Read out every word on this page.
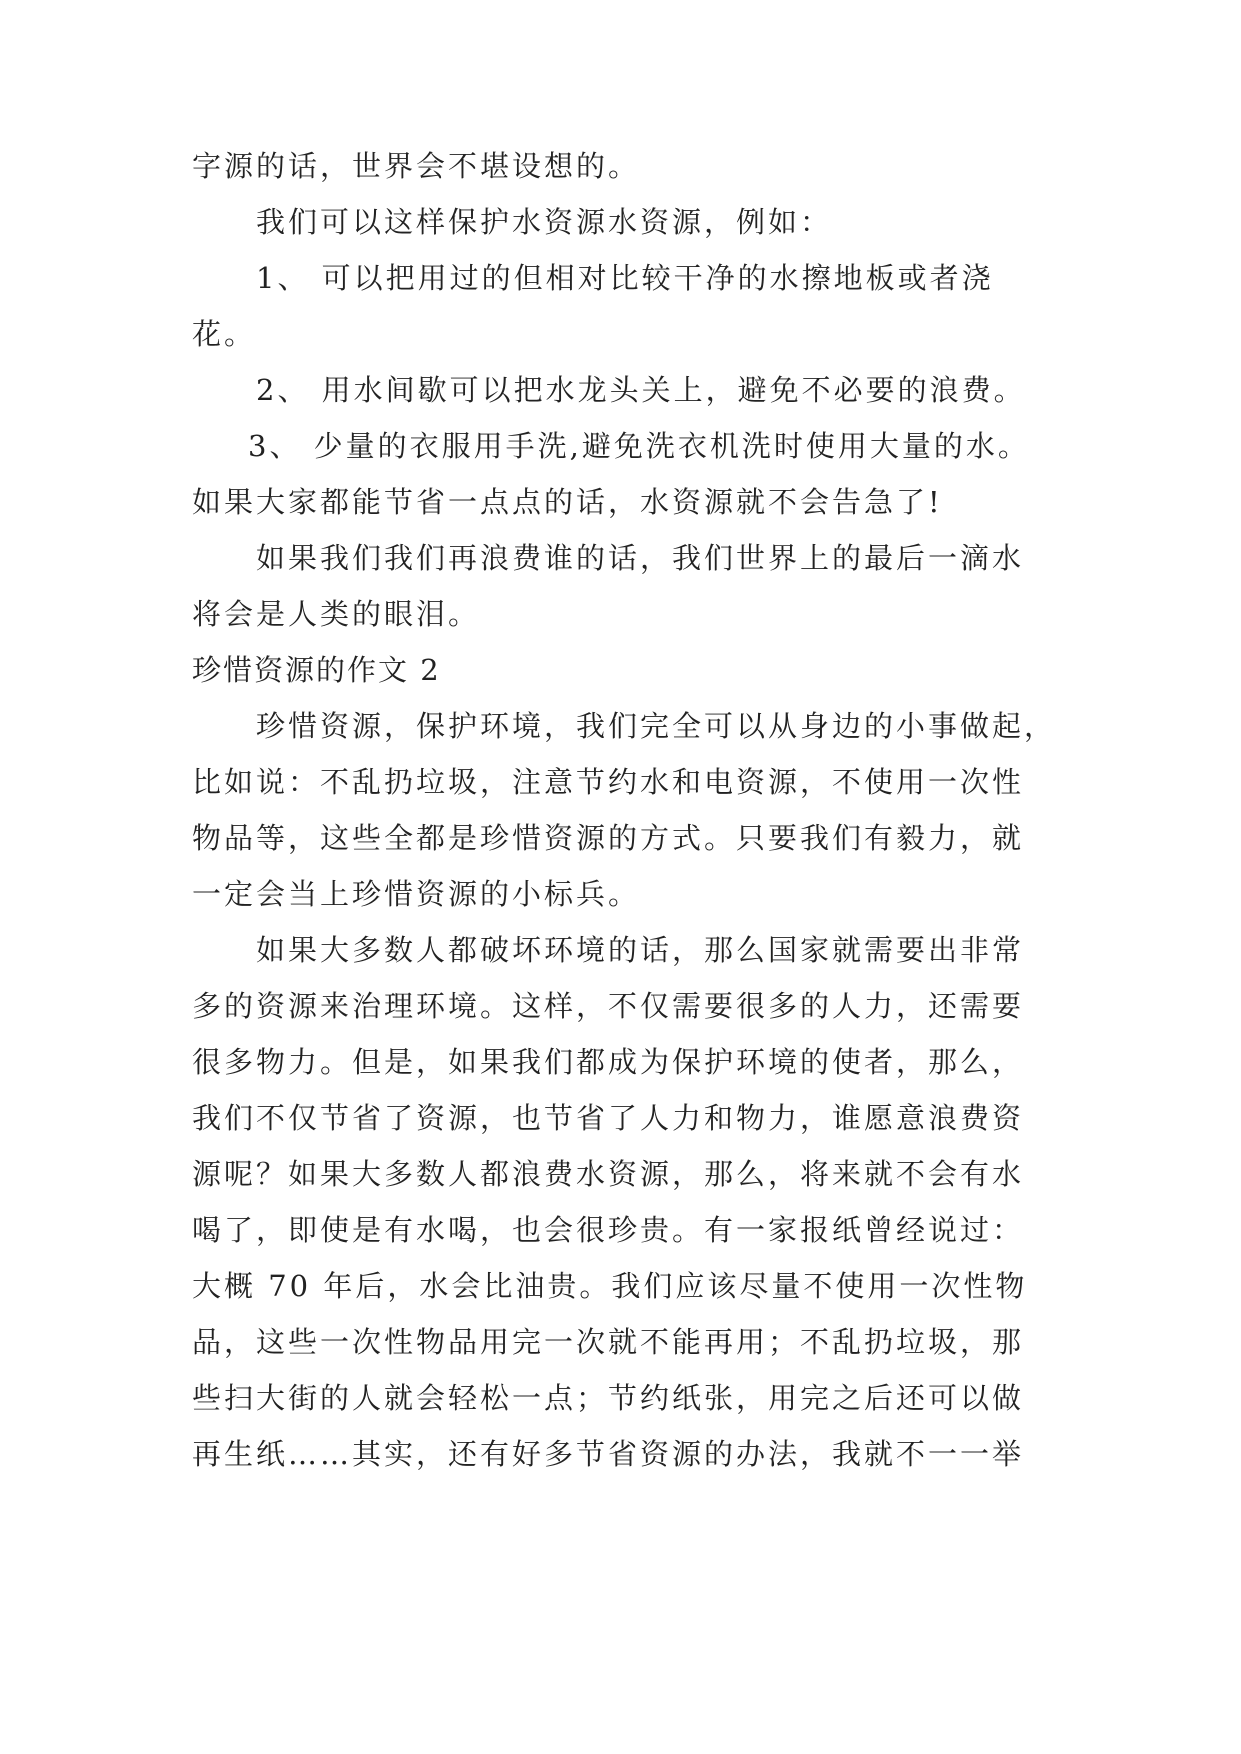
字源的话，世界会不堪设想的。
我们可以这样保护水资源水资源，例如：
1、 可以把用过的但相对比较干净的水擦地板或者浇
花。
2、 用水间歇可以把水龙头关上，避免不必要的浪费。
3、 少量的衣服用手洗,避免洗衣机洗时使用大量的水。
如果大家都能节省一点点的话，水资源就不会告急了!
如果我们我们再浪费谁的话，我们世界上的最后一滴水
将会是人类的眼泪。
珍惜资源的作文 2
珍惜资源，保护环境，我们完全可以从身边的小事做起，
比如说：不乱扔垃圾，注意节约水和电资源，不使用一次性
物品等，这些全都是珍惜资源的方式。只要我们有毅力，就
一定会当上珍惜资源的小标兵。
如果大多数人都破坏环境的话，那么国家就需要出非常
多的资源来治理环境。这样，不仅需要很多的人力，还需要
很多物力。但是，如果我们都成为保护环境的使者，那么，
我们不仅节省了资源，也节省了人力和物力，谁愿意浪费资
源呢？如果大多数人都浪费水资源，那么，将来就不会有水
喝了，即使是有水喝，也会很珍贵。有一家报纸曾经说过：
大概 70 年后，水会比油贵。我们应该尽量不使用一次性物
品，这些一次性物品用完一次就不能再用；不乱扔垃圾，那
些扫大街的人就会轻松一点；节约纸张，用完之后还可以做
再生纸……其实，还有好多节省资源的办法，我就不一一举
